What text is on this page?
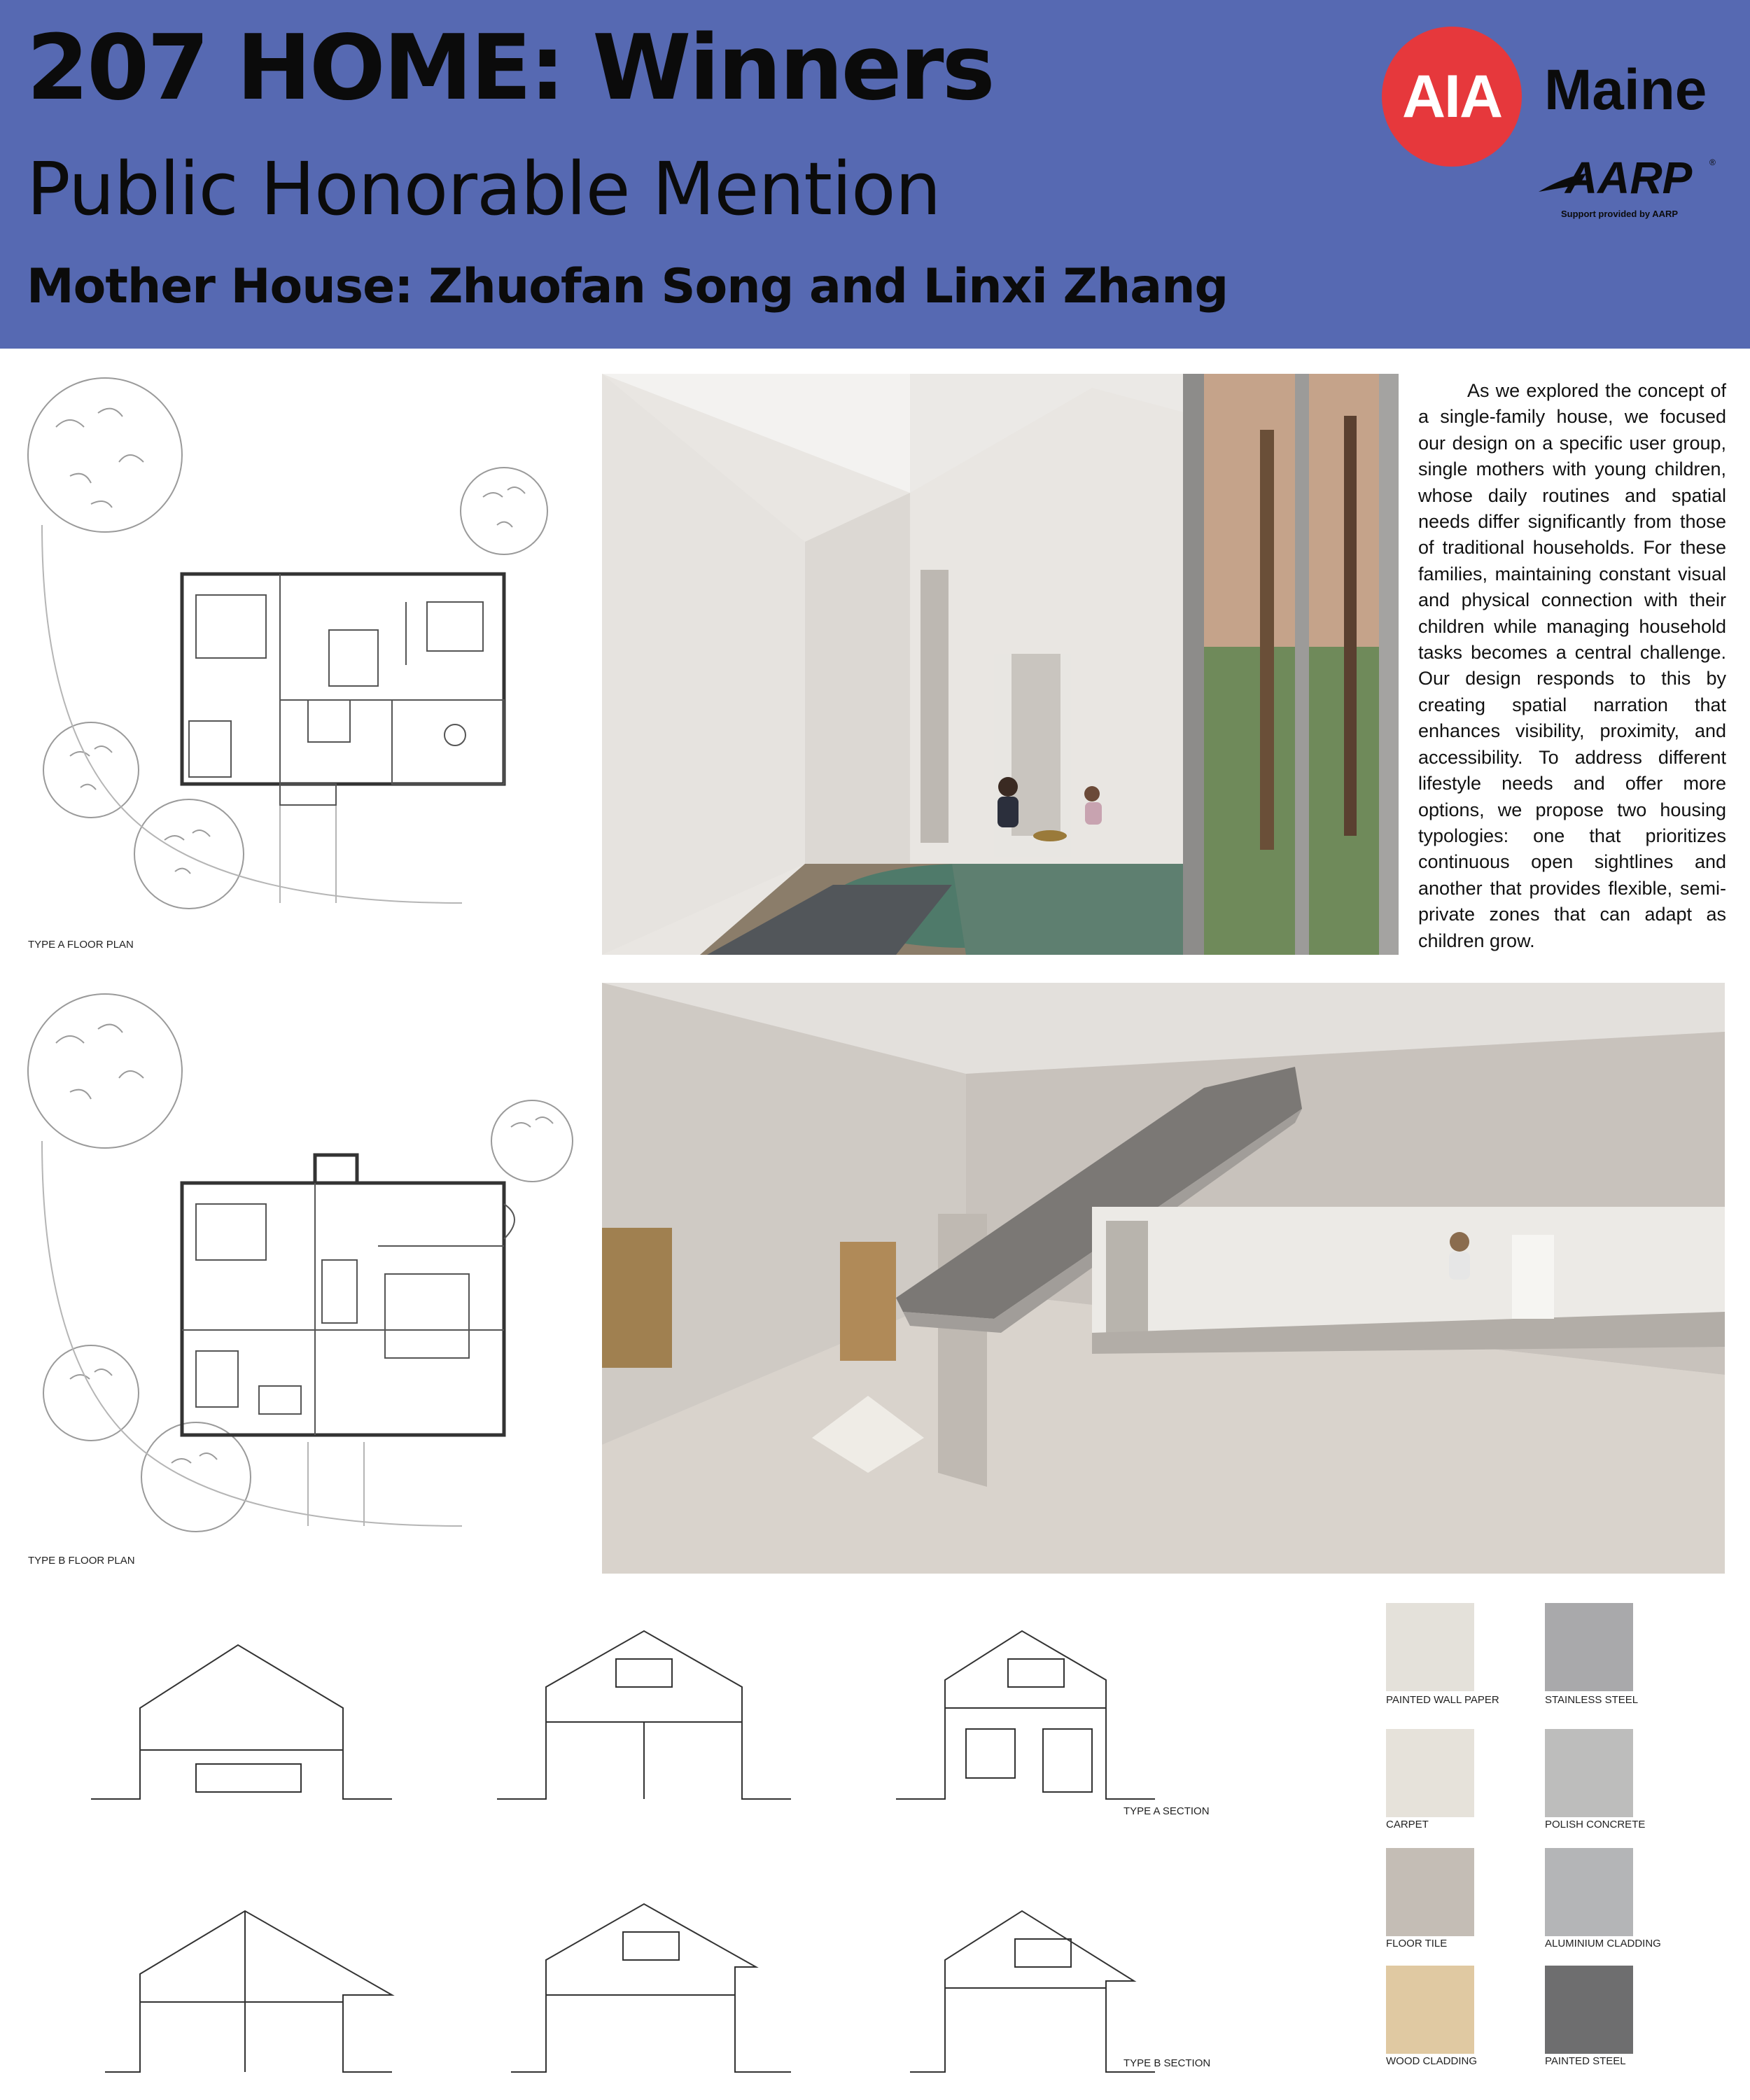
207 HOME: Winners
Public Honorable Mention
Mother House: Zhuofan Song and Linxi Zhang
AIA Maine
AARP ®
Support provided by AARP
TYPE A FLOOR PLAN
As we explored the concept of a single-family house, we focused our design on a specific user group, single mothers with young children, whose daily routines and spatial needs differ significantly from those of traditional households. For these families, maintaining constant visual and physical connection with their children while managing household tasks becomes a central challenge. Our design responds to this by creating spatial narration that enhances visibility, proximity, and accessibility. To address different lifestyle needs and offer more options, we propose two housing typologies: one that prioritizes continuous open sightlines and another that provides flexible, semi-private zones that can adapt as children grow.
TYPE B FLOOR PLAN
TYPE A SECTION
TYPE B SECTION
PAINTED WALL PAPER	STAINLESS STEEL
CARPET	POLISH CONCRETE
FLOOR TILE	ALUMINIUM CLADDING
WOOD CLADDING	PAINTED STEEL
